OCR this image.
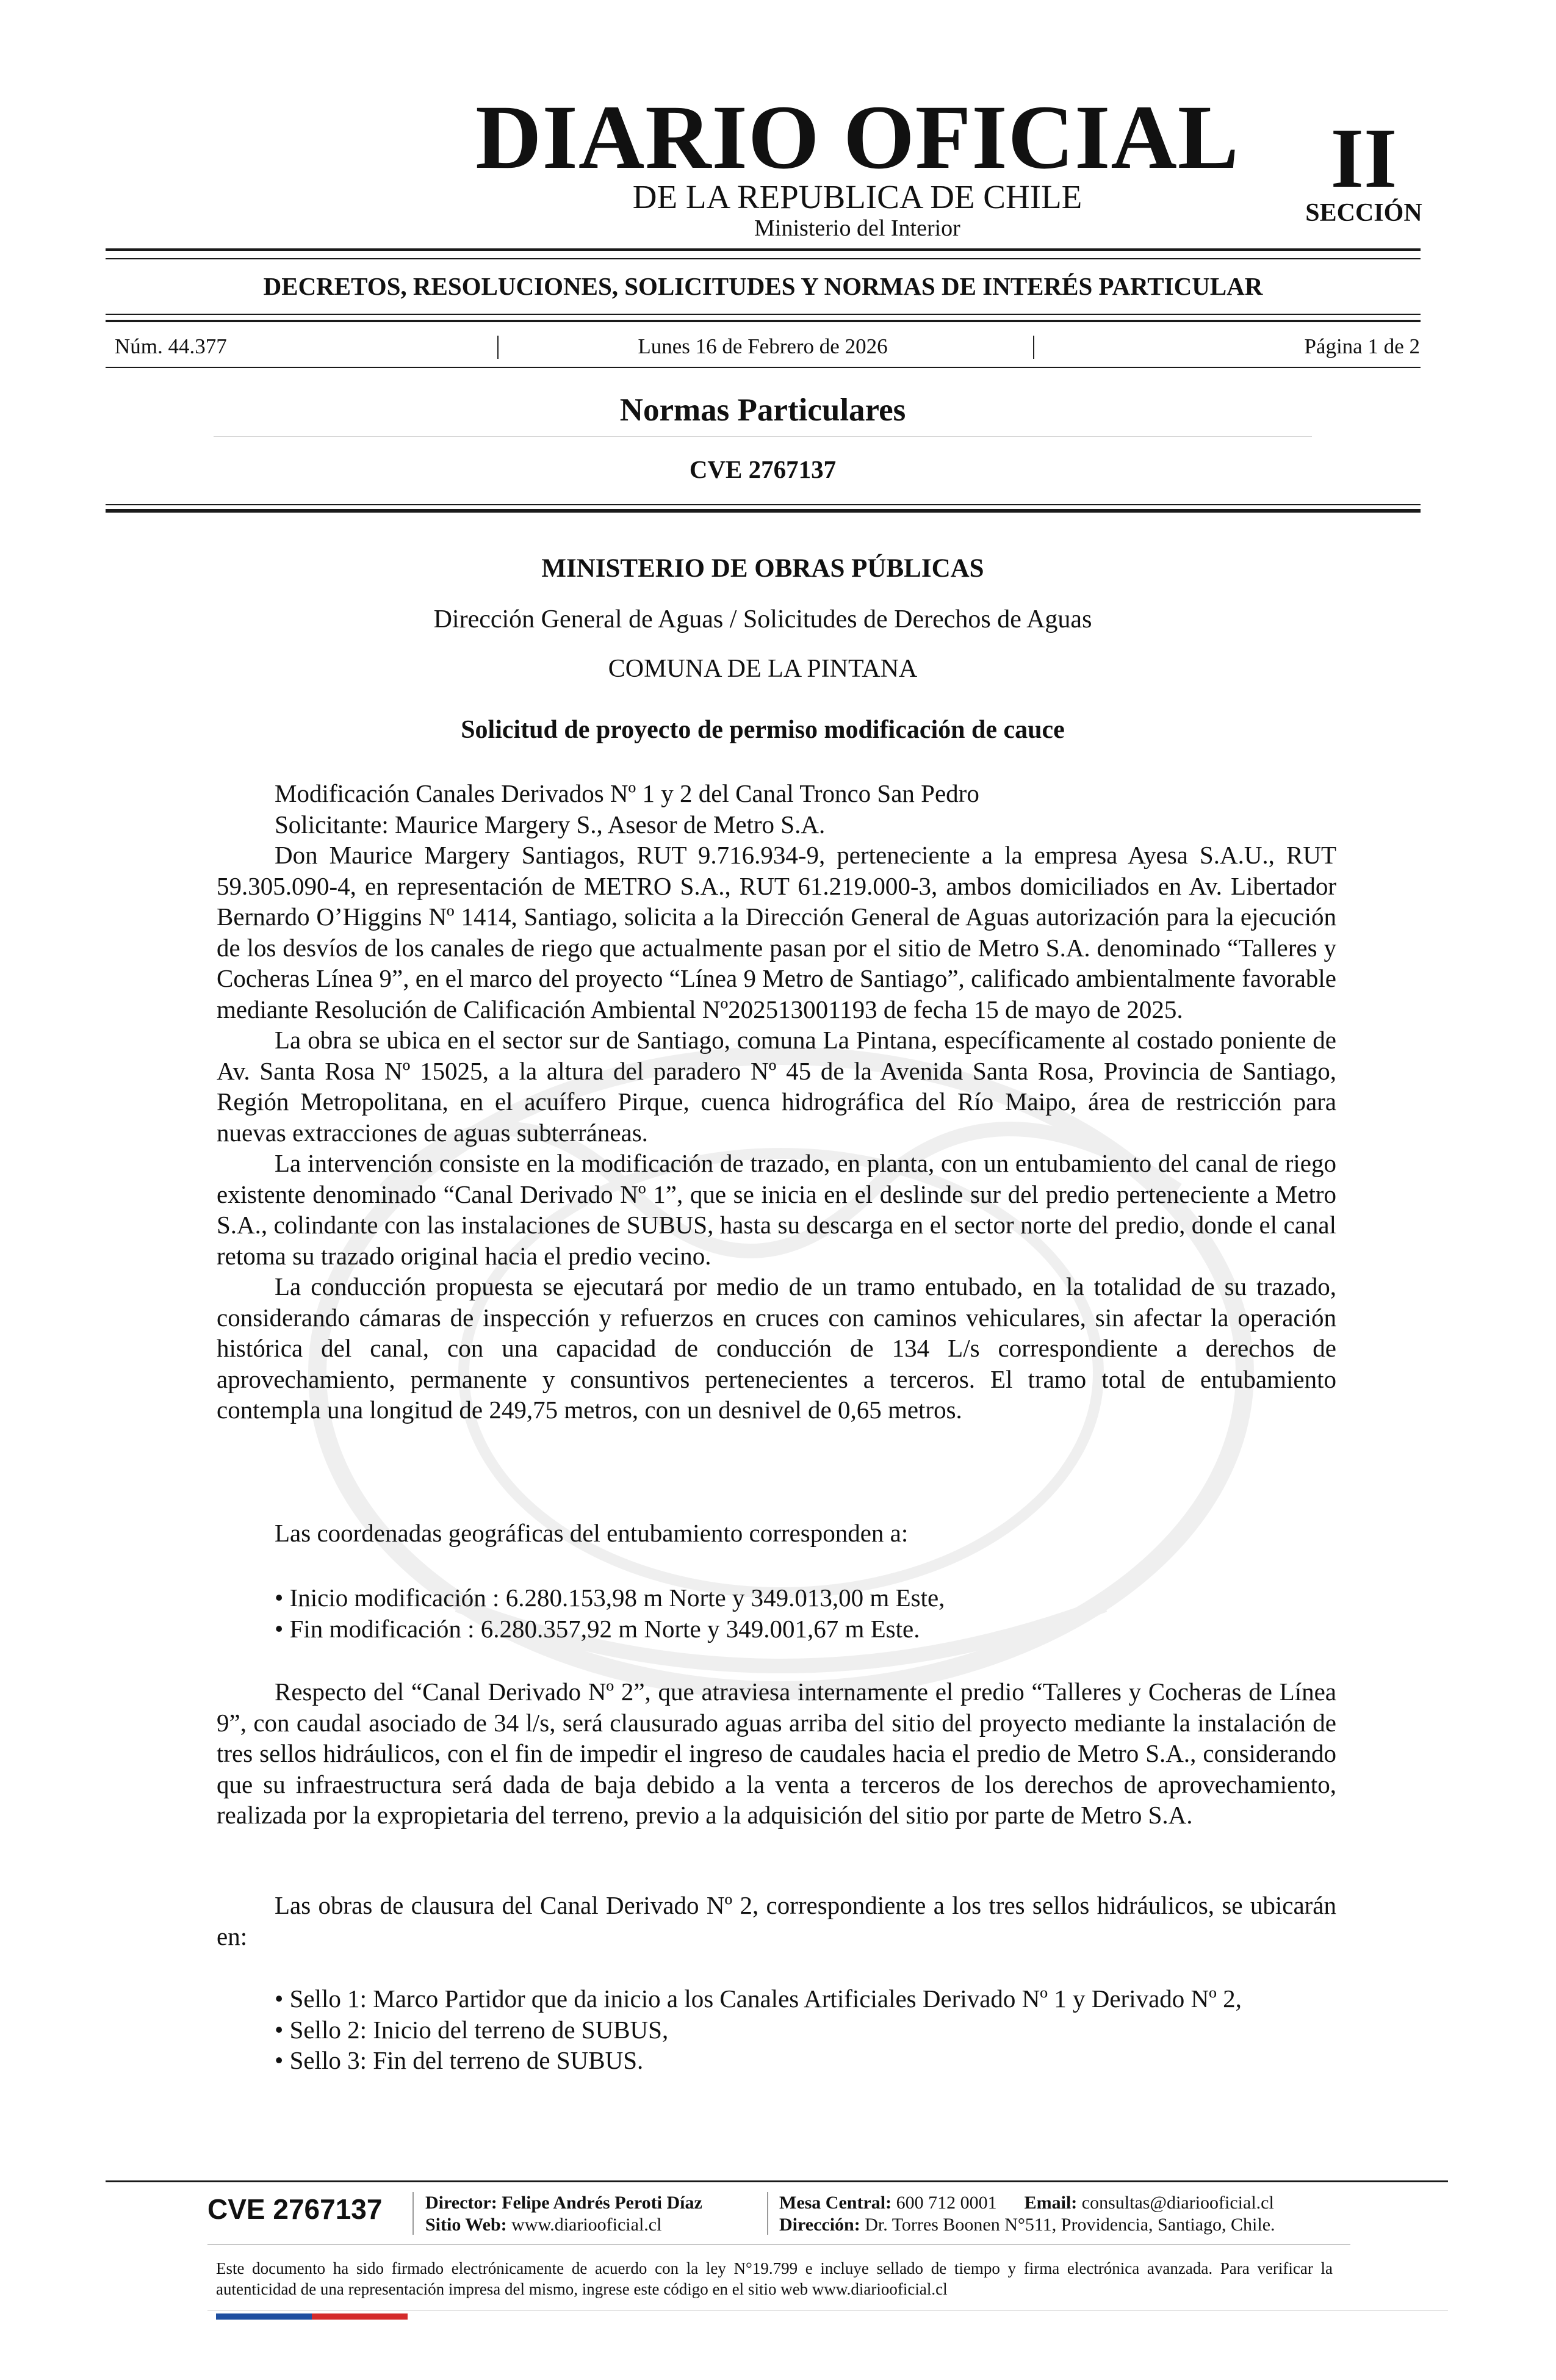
DIARIO OFICIAL
DE LA REPUBLICA DE CHILE
Ministerio del Interior
II
SECCIÓN
DECRETOS, RESOLUCIONES, SOLICITUDES Y NORMAS DE INTERÉS PARTICULAR
Núm. 44.377	Lunes 16 de Febrero de 2026	Página 1 de 2
Normas Particulares
CVE 2767137
MINISTERIO DE OBRAS PÚBLICAS
Dirección General de Aguas / Solicitudes de Derechos de Aguas
COMUNA DE LA PINTANA
Solicitud de proyecto de permiso modificación de cauce

Modificación Canales Derivados Nº 1 y 2 del Canal Tronco San Pedro

Solicitante: Maurice Margery S., Asesor de Metro S.A.

Don Maurice Margery Santiagos, RUT 9.716.934-9, perteneciente a la empresa Ayesa S.A.U., RUT 59.305.090-4, en representación de METRO S.A., RUT 61.219.000-3, ambos domiciliados en Av. Libertador Bernardo O’Higgins Nº 1414, Santiago, solicita a la Dirección General de Aguas autorización para la ejecución de los desvíos de los canales de riego que actualmente pasan por el sitio de Metro S.A. denominado “Talleres y Cocheras Línea 9”, en el marco del proyecto “Línea 9 Metro de Santiago”, calificado ambientalmente favorable mediante Resolución de Calificación Ambiental Nº202513001193 de fecha 15 de mayo de 2025.

La obra se ubica en el sector sur de Santiago, comuna La Pintana, específicamente al costado poniente de Av. Santa Rosa Nº 15025, a la altura del paradero Nº 45 de la Avenida Santa Rosa, Provincia de Santiago, Región Metropolitana, en el acuífero Pirque, cuenca hidrográfica del Río Maipo, área de restricción para nuevas extracciones de aguas subterráneas.

La intervención consiste en la modificación de trazado, en planta, con un entubamiento del canal de riego existente denominado “Canal Derivado Nº 1”, que se inicia en el deslinde sur del predio perteneciente a Metro S.A., colindante con las instalaciones de SUBUS, hasta su descarga en el sector norte del predio, donde el canal retoma su trazado original hacia el predio vecino.

La conducción propuesta se ejecutará por medio de un tramo entubado, en la totalidad de su trazado, considerando cámaras de inspección y refuerzos en cruces con caminos vehiculares, sin afectar la operación histórica del canal, con una capacidad de conducción de 134 L/s correspondiente a derechos de aprovechamiento, permanente y consuntivos pertenecientes a terceros. El tramo total de entubamiento contempla una longitud de 249,75 metros, con un desnivel de 0,65 metros.

Las coordenadas geográficas del entubamiento corresponden a:

• Inicio modificación : 6.280.153,98 m Norte y 349.013,00 m Este,

• Fin modificación : 6.280.357,92 m Norte y 349.001,67 m Este.

Respecto del “Canal Derivado Nº 2”, que atraviesa internamente el predio “Talleres y Cocheras de Línea 9”, con caudal asociado de 34 l/s, será clausurado aguas arriba del sitio del proyecto mediante la instalación de tres sellos hidráulicos, con el fin de impedir el ingreso de caudales hacia el predio de Metro S.A., considerando que su infraestructura será dada de baja debido a la venta a terceros de los derechos de aprovechamiento, realizada por la expropietaria del terreno, previo a la adquisición del sitio por parte de Metro S.A.

Las obras de clausura del Canal Derivado Nº 2, correspondiente a los tres sellos hidráulicos, se ubicarán en:

• Sello 1: Marco Partidor que da inicio a los Canales Artificiales Derivado Nº 1 y Derivado Nº 2,

• Sello 2: Inicio del terreno de SUBUS,

• Sello 3: Fin del terreno de SUBUS.

CVE 2767137 Director: Felipe Andrés Peroti Díaz
Sitio Web: www.diariooficial.cl
Mesa Central: 600 712 0001 Email: consultas@diariooficial.cl
Dirección: Dr. Torres Boonen N°511, Providencia, Santiago, Chile.
Este documento ha sido firmado electrónicamente de acuerdo con la ley N°19.799 e incluye sellado de tiempo y firma electrónica avanzada. Para verificar la autenticidad de una representación impresa del mismo, ingrese este código en el sitio web www.diariooficial.cl
